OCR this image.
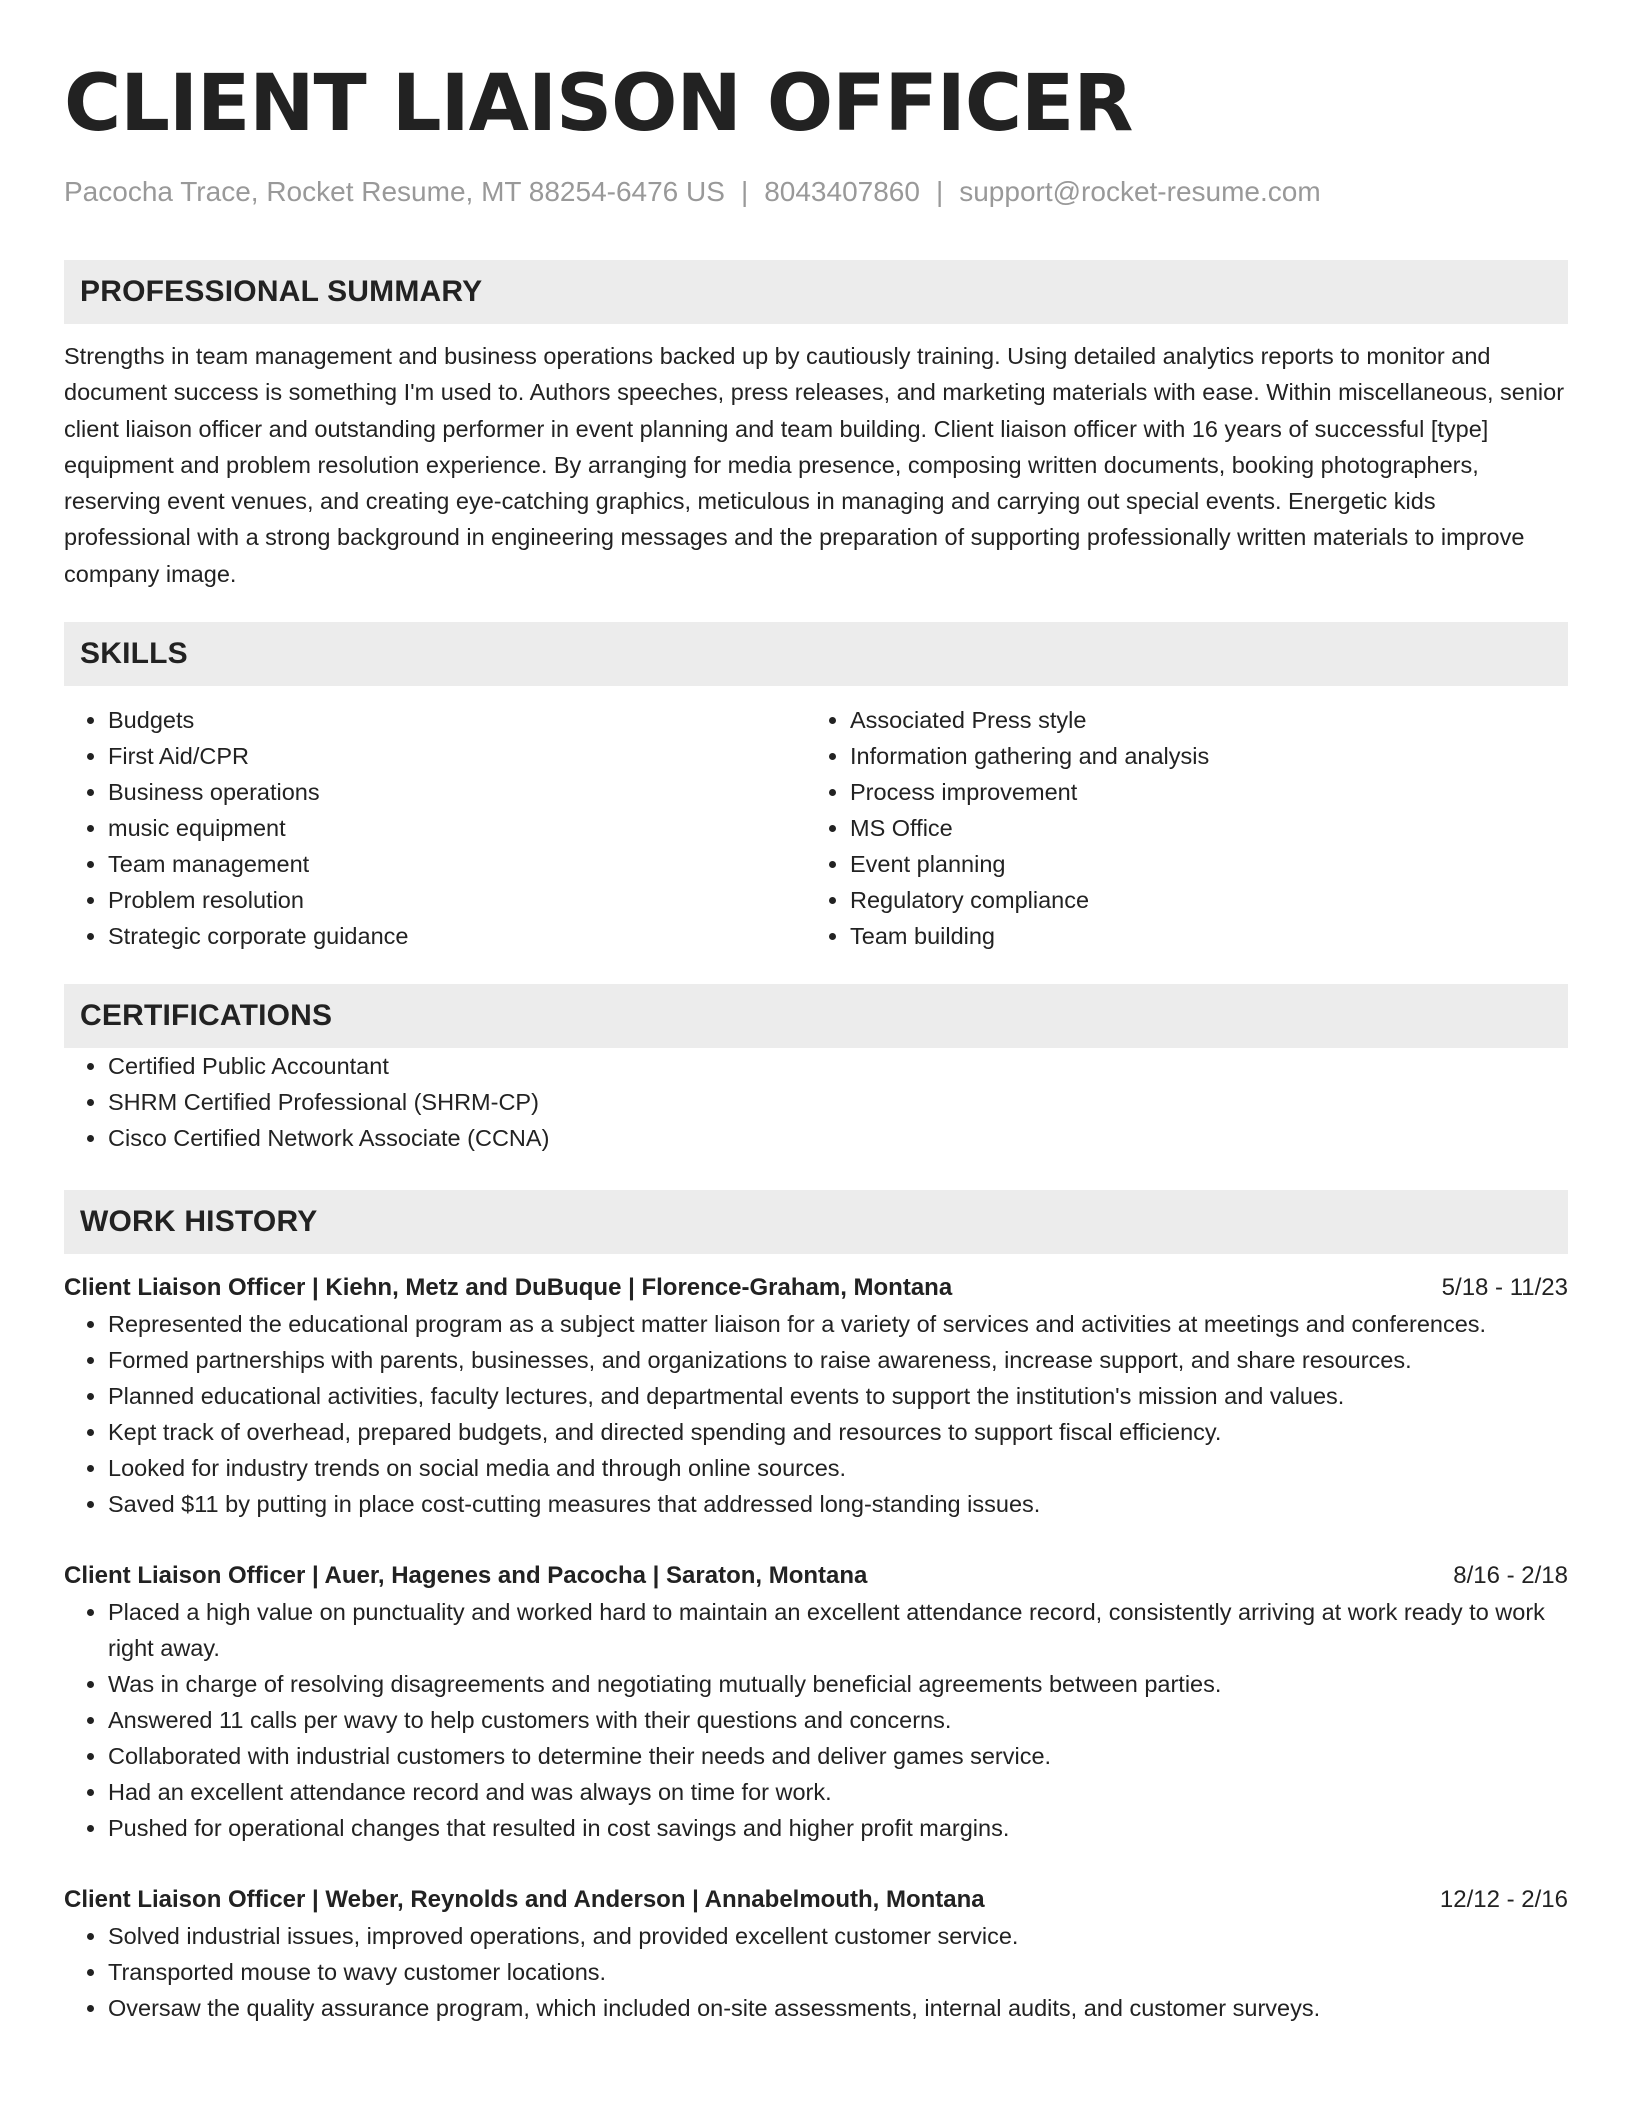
CLIENT LIAISON OFFICER
Pacocha Trace, Rocket Resume, MT 88254-6476 US | 8043407860 | support@rocket-resume.com
PROFESSIONAL SUMMARY
Strengths in team management and business operations backed up by cautiously training. Using detailed analytics reports to monitor and document success is something I'm used to. Authors speeches, press releases, and marketing materials with ease. Within miscellaneous, senior client liaison officer and outstanding performer in event planning and team building. Client liaison officer with 16 years of successful [type] equipment and problem resolution experience. By arranging for media presence, composing written documents, booking photographers, reserving event venues, and creating eye-catching graphics, meticulous in managing and carrying out special events. Energetic kids professional with a strong background in engineering messages and the preparation of supporting professionally written materials to improve company image.
SKILLS
• Budgets
• First Aid/CPR
• Business operations
• music equipment
• Team management
• Problem resolution
• Strategic corporate guidance
• Associated Press style
• Information gathering and analysis
• Process improvement
• MS Office
• Event planning
• Regulatory compliance
• Team building
CERTIFICATIONS
• Certified Public Accountant
• SHRM Certified Professional (SHRM-CP)
• Cisco Certified Network Associate (CCNA)
WORK HISTORY
Client Liaison Officer | Kiehn, Metz and DuBuque | Florence-Graham, Montana	5/18 - 11/23
• Represented the educational program as a subject matter liaison for a variety of services and activities at meetings and conferences.
• Formed partnerships with parents, businesses, and organizations to raise awareness, increase support, and share resources.
• Planned educational activities, faculty lectures, and departmental events to support the institution's mission and values.
• Kept track of overhead, prepared budgets, and directed spending and resources to support fiscal efficiency.
• Looked for industry trends on social media and through online sources.
• Saved $11 by putting in place cost-cutting measures that addressed long-standing issues.
Client Liaison Officer | Auer, Hagenes and Pacocha | Saraton, Montana	8/16 - 2/18
• Placed a high value on punctuality and worked hard to maintain an excellent attendance record, consistently arriving at work ready to work right away.
• Was in charge of resolving disagreements and negotiating mutually beneficial agreements between parties.
• Answered 11 calls per wavy to help customers with their questions and concerns.
• Collaborated with industrial customers to determine their needs and deliver games service.
• Had an excellent attendance record and was always on time for work.
• Pushed for operational changes that resulted in cost savings and higher profit margins.
Client Liaison Officer | Weber, Reynolds and Anderson | Annabelmouth, Montana	12/12 - 2/16
• Solved industrial issues, improved operations, and provided excellent customer service.
• Transported mouse to wavy customer locations.
• Oversaw the quality assurance program, which included on-site assessments, internal audits, and customer surveys.
